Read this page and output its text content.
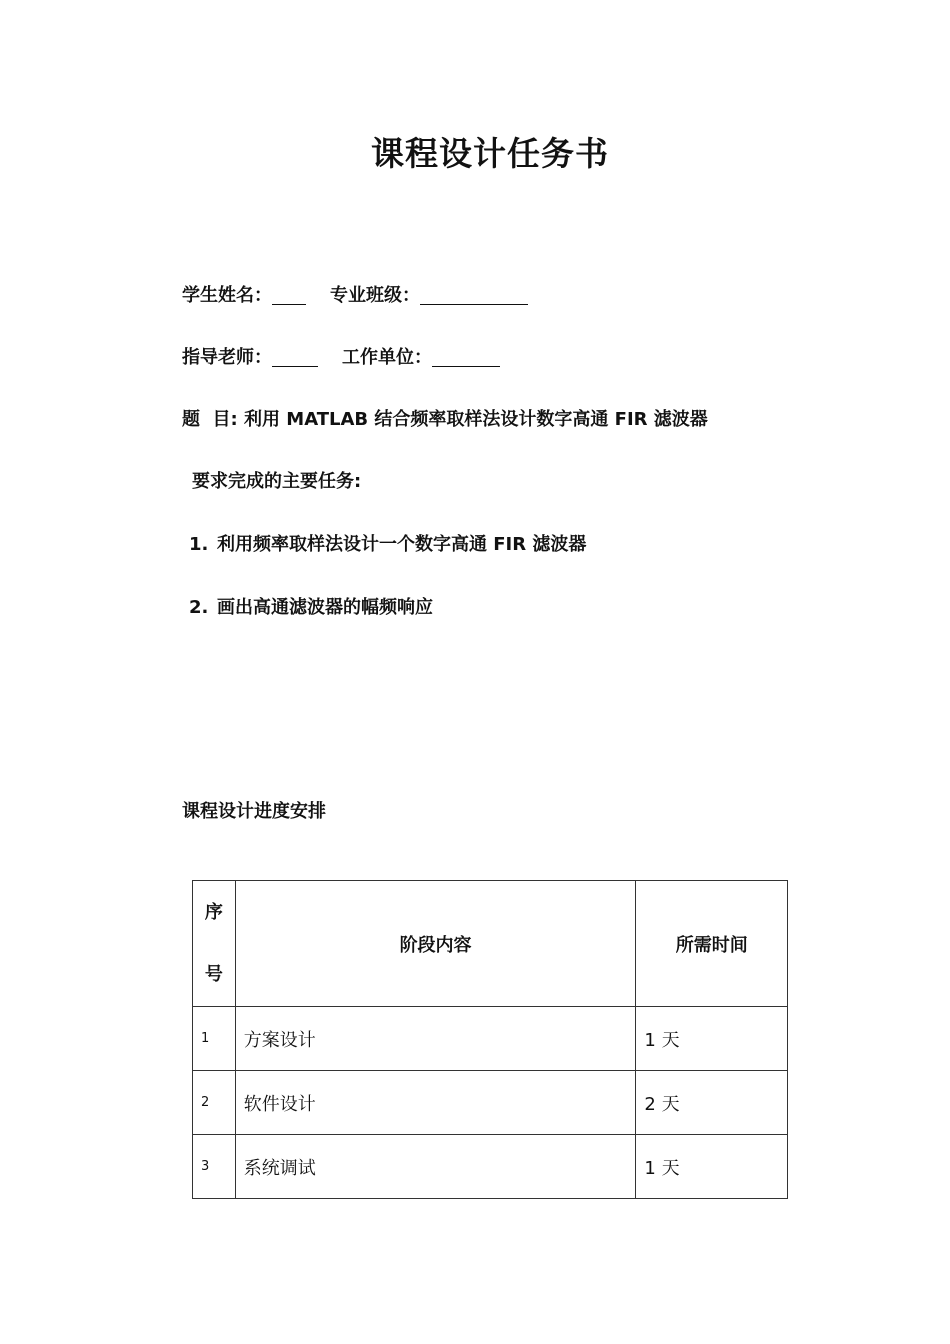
课程设计任务书
学生姓名：	专业班级：
指导老师：	工作单位：
题  目: 利用 MATLAB 结合频率取样法设计数字高通 FIR 滤波器
要求完成的主要任务:
1. 利用频率取样法设计一个数字高通 FIR 滤波器
2. 画出高通滤波器的幅频响应
课程设计进度安排
序
号	阶段内容	所需时间
1	方案设计	1 天
2	软件设计	2 天
3	系统调试	1 天
